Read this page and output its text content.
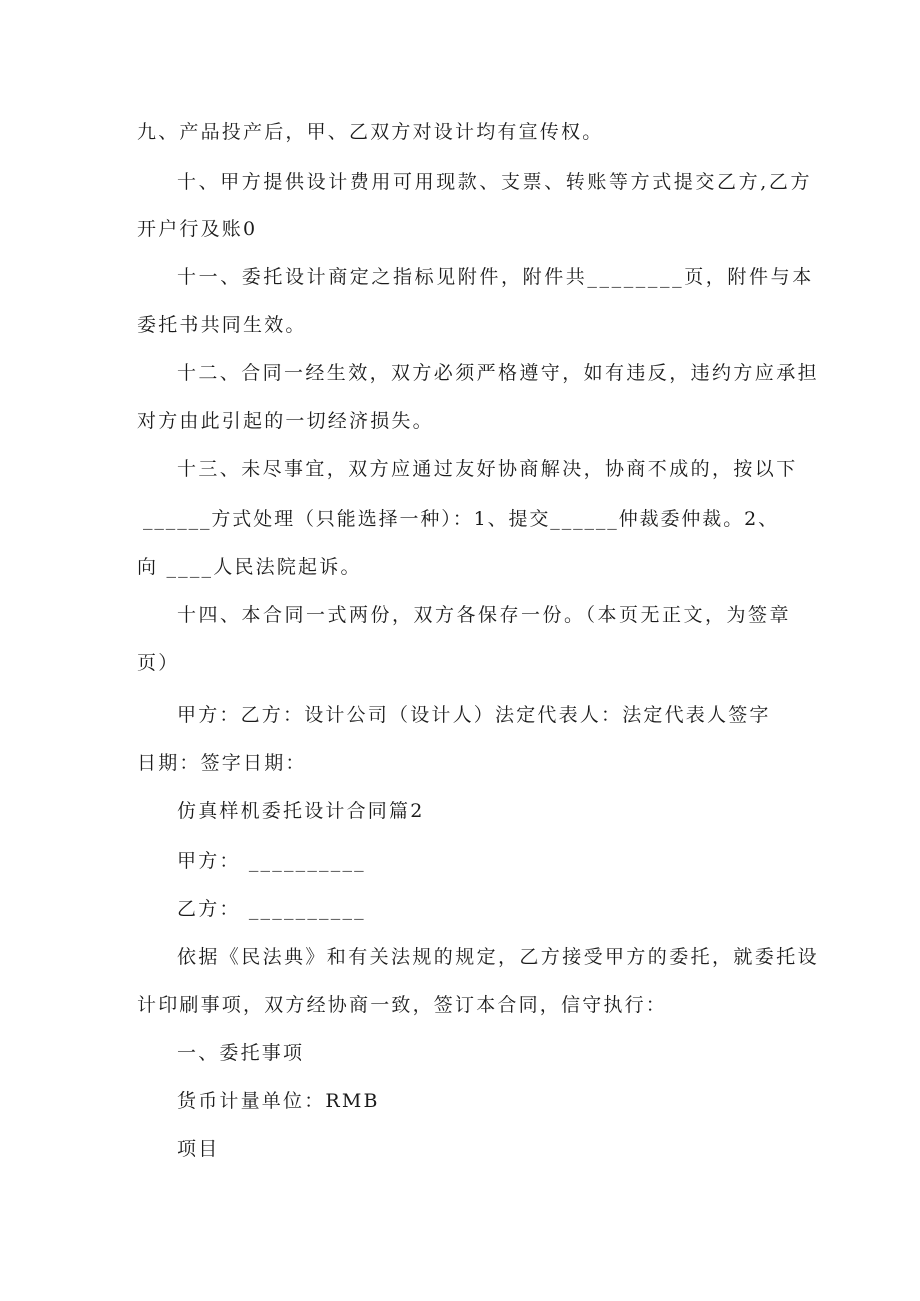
九、产品投产后，甲、乙双方对设计均有宣传权。
十、甲方提供设计费用可用现款、支票、转账等方式提交乙方,乙方
开户行及账0
十一、委托设计商定之指标见附件，附件共________页，附件与本
委托书共同生效。
十二、合同一经生效，双方必须严格遵守，如有违反，违约方应承担
对方由此引起的一切经济损失。
十三、未尽事宜，双方应通过友好协商解决，协商不成的，按以下
______方式处理（只能选择一种）：1、提交______仲裁委仲裁。2、
向 ____人民法院起诉。
十四、本合同一式两份，双方各保存一份。（本页无正文，为签章
页）
甲方：乙方：设计公司（设计人）法定代表人：法定代表人签字
日期：签字日期：
仿真样机委托设计合同篇2
甲方： __________
乙方： __________
依据《民法典》和有关法规的规定，乙方接受甲方的委托，就委托设
计印刷事项，双方经协商一致，签订本合同，信守执行：
一、委托事项
货币计量单位：RMB
项目
